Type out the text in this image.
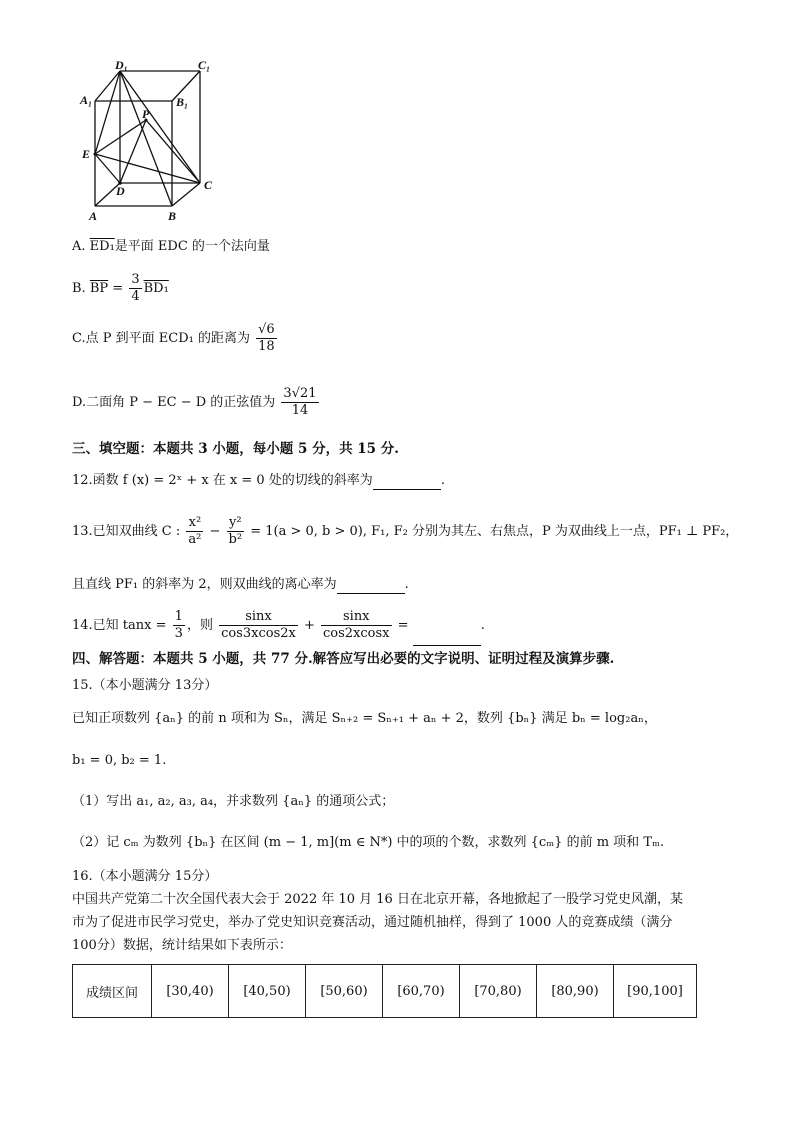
D₁	C₁
A₁	B₁
P
E
D	C
A	B
A. ED₁是平面 EDC 的一个法向量
B. $\overline{BP} = \frac{3}{4} BD_1$
C.点 P 到平面 ECD₁ 的距离为 $\frac{√6}{18}$
D.二面角 P − EC − D 的正弦值为 $\frac{3√21}{14}$
三、填空题：本题共 3 小题，每小题 5 分，共 15 分.
12.函数 f (x) = 2ˣ + x 在 x = 0 处的切线的斜率为	.
13.已知双曲线 C : $\frac{\text{x²}}{\text{a²}} - \frac{\text{y²}}{\text{b²}} = 1(a > 0$, b > 0), F₁, F₂ 分别为其左、右焦点，P 为双曲线上一点，PF₁ ⊥ PF₂，
且直线 PF₁ 的斜率为 2，则双曲线的离心率为	.
14.已知 $\tan x = \frac{1}{3}$ ，则 $\frac{\sin x}{\cos 3xcos2x} + \frac{\sin x}{\cos 2xcosx}$ =	.
四、解答题：本题共 5 小题，共 77 分.解答应写出必要的文字说明、证明过程及演算步骤.
15.（本小题满分 13分）
已知正项数列 {aₙ} 的前 n 项和为 Sₙ，满足 Sₙ₊₂ = Sₙ₊₁ + aₙ + 2，数列 {bₙ} 满足 bₙ = log₂aₙ，
b₁ = 0, b₂ = 1.
（1）写出 a₁, a₂, a₃, a₄，并求数列 {aₙ} 的通项公式；
（2）记 cₘ 为数列 {bₙ} 在区间 (m − 1, m](m ∈ N*) 中的项的个数，求数列 {cₘ} 的前 m 项和 Tₘ.
16.（本小题满分 15分）
中国共产党第二十次全国代表大会于 2022 年 10 月 16 日在北京开幕，各地掀起了一股学习党史风潮，某
市为了促进市民学习党史，举办了党史知识竞赛活动，通过随机抽样，得到了 1000 人的竞赛成绩（满分
100分）数据，统计结果如下表所示：
成绩区间	[30,40)	[40,50)	[50,60)	[60,70)	[70,80)	[80,90)	[90,100]
